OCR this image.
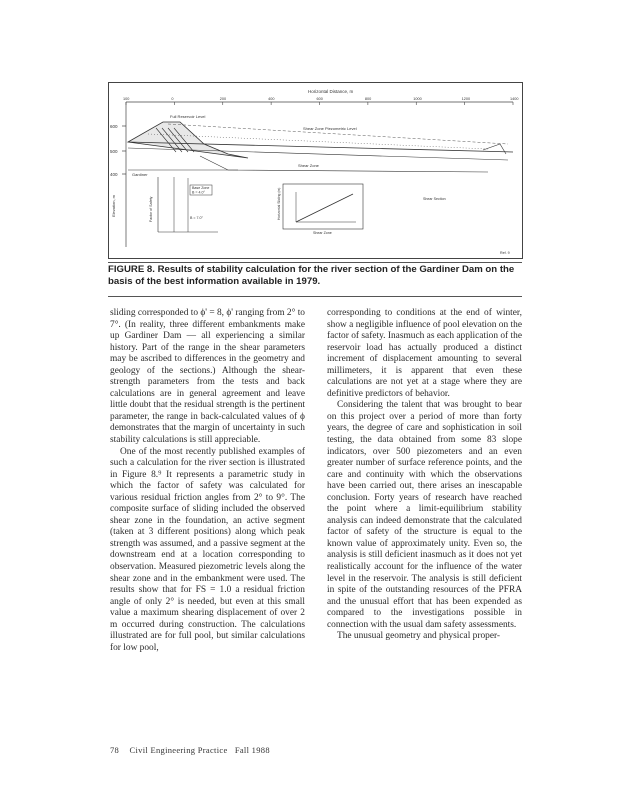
Horizontal Distance, m
100	0	200	400	600	800	1000	1200	1400
600
500
400
Elevation, m
Full Reservoir Level
Shear Zone Piezometric Level
Shear Zone
Gardiner
Base Zone
B = 4.0°
B = 7.0°
Factor of Safety	Horizontal Sliding (m)
Shear Zone
Shear Section
Ref. 9
FIGURE 8. Results of stability calculation for the river section of the Gardiner Dam on the basis of the best information available in 1979.

sliding corresponded to ϕ' = 8, ϕ' ranging from 2° to 7°. (In reality, three different embankments make up Gardiner Dam — all experiencing a similar history. Part of the range in the shear parameters may be ascribed to differences in the geometry and geology of the sections.) Although the shear-strength parameters from the tests and back calculations are in general agreement and leave little doubt that the residual strength is the pertinent parameter, the range in back-calculated values of ϕ demonstrates that the margin of uncertainty in such stability calculations is still appreciable.

One of the most recently published examples of such a calculation for the river section is illustrated in Figure 8.⁹ It represents a parametric study in which the factor of safety was calculated for various residual friction angles from 2° to 9°. The composite surface of sliding included the observed shear zone in the foundation, an active segment (taken at 3 different positions) along which peak strength was assumed, and a passive segment at the downstream end at a location corresponding to observation. Measured piezometric levels along the shear zone and in the embankment were used. The results show that for FS = 1.0 a residual friction angle of only 2° is needed, but even at this small value a maximum shearing displacement of over 2 m occurred during construction. The calculations illustrated are for full pool, but similar calculations for low pool,

corresponding to conditions at the end of winter, show a negligible influence of pool elevation on the factor of safety. Inasmuch as each application of the reservoir load has actually produced a distinct increment of displacement amounting to several millimeters, it is apparent that even these calculations are not yet at a stage where they are definitive predictors of behavior.

Considering the talent that was brought to bear on this project over a period of more than forty years, the degree of care and sophistication in soil testing, the data obtained from some 83 slope indicators, over 500 piezometers and an even greater number of surface reference points, and the care and continuity with which the observations have been carried out, there arises an inescapable conclusion. Forty years of research have reached the point where a limit-equilibrium stability analysis can indeed demonstrate that the calculated factor of safety of the structure is equal to the known value of approximately unity. Even so, the analysis is still deficient inasmuch as it does not yet realistically account for the influence of the water level in the reservoir. The analysis is still deficient in spite of the outstanding resources of the PFRA and the unusual effort that has been expended as compared to the investigations possible in connection with the usual dam safety assessments.

The unusual geometry and physical proper-

78 Civil Engineering Practice Fall 1988
